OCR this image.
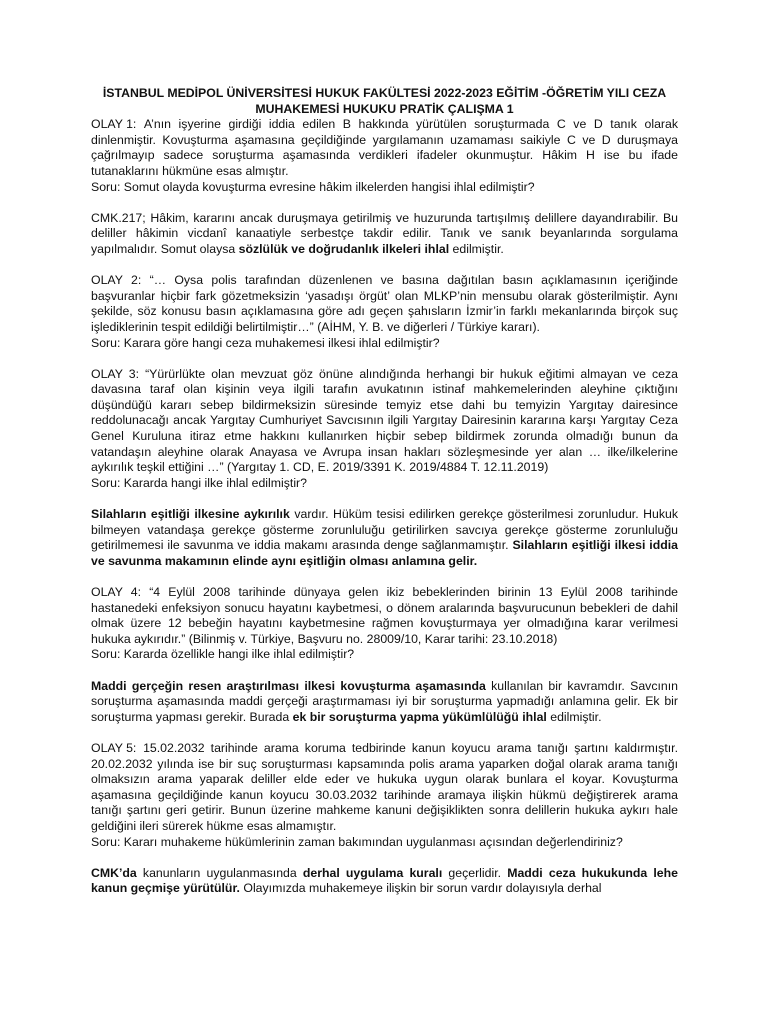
İSTANBUL MEDİPOL ÜNİVERSİTESİ HUKUK FAKÜLTESİ 2022-2023 EĞİTİM -ÖĞRETİM YILI CEZA
MUHAKEMESİ HUKUKU PRATİK ÇALIŞMA 1

OLAY 1: A’nın işyerine girdiği iddia edilen B hakkında yürütülen soruşturmada C ve D tanık olarak dinlenmiştir. Kovuşturma aşamasına geçildiğinde yargılamanın uzamaması saikiyle C ve D duruşmaya çağrılmayıp sadece soruşturma aşamasında verdikleri ifadeler okunmuştur. Hâkim H ise bu ifade tutanaklarını hükmüne esas almıştır.

Soru: Somut olayda kovuşturma evresine hâkim ilkelerden hangisi ihlal edilmiştir?

CMK.217; Hâkim, kararını ancak duruşmaya getirilmiş ve huzurunda tartışılmış delillere dayandırabilir. Bu deliller hâkimin vicdanî kanaatiyle serbestçe takdir edilir. Tanık ve sanık beyanlarında sorgulama yapılmalıdır. Somut olaysa sözlülük ve doğrudanlık ilkeleri ihlal edilmiştir.

OLAY 2: “… Oysa polis tarafından düzenlenen ve basına dağıtılan basın açıklamasının içeriğinde başvuranlar hiçbir fark gözetmeksizin ‘yasadışı örgüt’ olan MLKP’nin mensubu olarak gösterilmiştir. Aynı şekilde, söz konusu basın açıklamasına göre adı geçen şahısların İzmir’in farklı mekanlarında birçok suç işlediklerinin tespit edildiği belirtilmiştir…” (AİHM, Y. B. ve diğerleri / Türkiye kararı).

Soru: Karara göre hangi ceza muhakemesi ilkesi ihlal edilmiştir?

OLAY 3: “Yürürlükte olan mevzuat göz önüne alındığında herhangi bir hukuk eğitimi almayan ve ceza davasına taraf olan kişinin veya ilgili tarafın avukatının istinaf mahkemelerinden aleyhine çıktığını düşündüğü kararı sebep bildirmeksizin süresinde temyiz etse dahi bu temyizin Yargıtay dairesince reddolunacağı ancak Yargıtay Cumhuriyet Savcısının ilgili Yargıtay Dairesinin kararına karşı Yargıtay Ceza Genel Kuruluna itiraz etme hakkını kullanırken hiçbir sebep bildirmek zorunda olmadığı bunun da vatandaşın aleyhine olarak Anayasa ve Avrupa insan hakları sözleşmesinde yer alan … ilke/ilkelerine aykırılık teşkil ettiğini …” (Yargıtay 1. CD, E. 2019/3391 K. 2019/4884 T. 12.11.2019)

Soru: Kararda hangi ilke ihlal edilmiştir?

Silahların eşitliği ilkesine aykırılık vardır. Hüküm tesisi edilirken gerekçe gösterilmesi zorunludur. Hukuk bilmeyen vatandaşa gerekçe gösterme zorunluluğu getirilirken savcıya gerekçe gösterme zorunluluğu getirilmemesi ile savunma ve iddia makamı arasında denge sağlanmamıştır. Silahların eşitliği ilkesi iddia ve savunma makamının elinde aynı eşitliğin olması anlamına gelir.

OLAY 4: “4 Eylül 2008 tarihinde dünyaya gelen ikiz bebeklerinden birinin 13 Eylül 2008 tarihinde hastanedeki enfeksiyon sonucu hayatını kaybetmesi, o dönem aralarında başvurucunun bebekleri de dahil olmak üzere 12 bebeğin hayatını kaybetmesine rağmen kovuşturmaya yer olmadığına karar verilmesi hukuka aykırıdır.” (Bilinmiş v. Türkiye, Başvuru no. 28009/10, Karar tarihi: 23.10.2018)

Soru: Kararda özellikle hangi ilke ihlal edilmiştir?

Maddi gerçeğin resen araştırılması ilkesi kovuşturma aşamasında kullanılan bir kavramdır. Savcının soruşturma aşamasında maddi gerçeği araştırmaması iyi bir soruşturma yapmadığı anlamına gelir. Ek bir soruşturma yapması gerekir. Burada ek bir soruşturma yapma yükümlülüğü ihlal edilmiştir.

OLAY 5: 15.02.2032 tarihinde arama koruma tedbirinde kanun koyucu arama tanığı şartını kaldırmıştır. 20.02.2032 yılında ise bir suç soruşturması kapsamında polis arama yaparken doğal olarak arama tanığı olmaksızın arama yaparak deliller elde eder ve hukuka uygun olarak bunlara el koyar. Kovuşturma aşamasına geçildiğinde kanun koyucu 30.03.2032 tarihinde aramaya ilişkin hükmü değiştirerek arama tanığı şartını geri getirir. Bunun üzerine mahkeme kanuni değişiklikten sonra delillerin hukuka aykırı hale geldiğini ileri sürerek hükme esas almamıştır.

Soru: Kararı muhakeme hükümlerinin zaman bakımından uygulanması açısından değerlendiriniz?

CMK’da kanunların uygulanmasında derhal uygulama kuralı geçerlidir. Maddi ceza hukukunda lehe kanun geçmişe yürütülür. Olayımızda muhakemeye ilişkin bir sorun vardır dolayısıyla derhal
